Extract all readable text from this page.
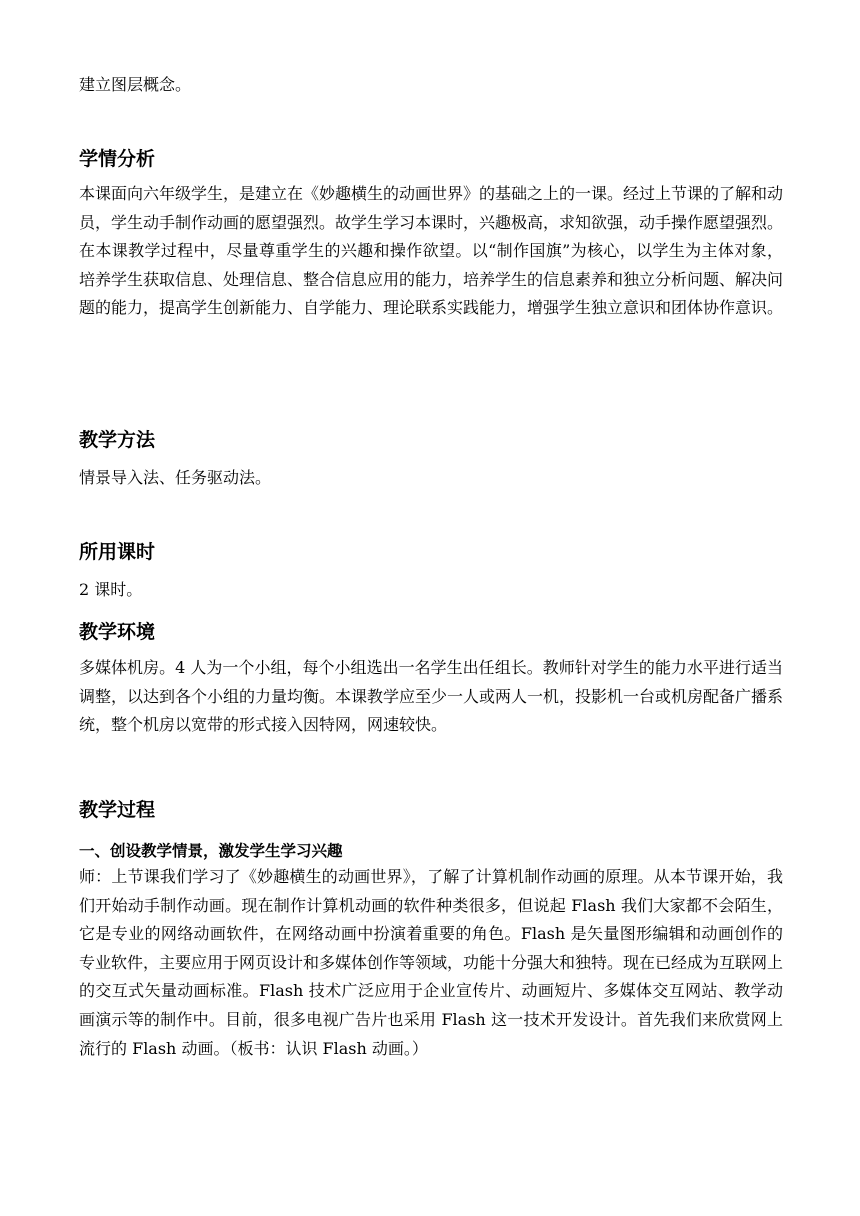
建立图层概念。

学情分析

本课面向六年级学生，是建立在《妙趣横生的动画世界》的基础之上的一课。经过上节课的了解和动员，学生动手制作动画的愿望强烈。故学生学习本课时，兴趣极高，求知欲强，动手操作愿望强烈。在本课教学过程中，尽量尊重学生的兴趣和操作欲望。以“制作国旗”为核心，以学生为主体对象，培养学生获取信息、处理信息、整合信息应用的能力，培养学生的信息素养和独立分析问题、解决问题的能力，提高学生创新能力、自学能力、理论联系实践能力，增强学生独立意识和团体协作意识。

教学方法

情景导入法、任务驱动法。

所用课时

2 课时。

教学环境

多媒体机房。4 人为一个小组，每个小组选出一名学生出任组长。教师针对学生的能力水平进行适当调整，以达到各个小组的力量均衡。本课教学应至少一人或两人一机，投影机一台或机房配备广播系统，整个机房以宽带的形式接入因特网，网速较快。

教学过程
一、创设教学情景，激发学生学习兴趣

师：上节课我们学习了《妙趣横生的动画世界》，了解了计算机制作动画的原理。从本节课开始，我们开始动手制作动画。现在制作计算机动画的软件种类很多，但说起 Flash 我们大家都不会陌生，它是专业的网络动画软件，在网络动画中扮演着重要的角色。Flash 是矢量图形编辑和动画创作的专业软件，主要应用于网页设计和多媒体创作等领域，功能十分强大和独特。现在已经成为互联网上的交互式矢量动画标准。Flash 技术广泛应用于企业宣传片、动画短片、多媒体交互网站、教学动画演示等的制作中。目前，很多电视广告片也采用 Flash 这一技术开发设计。首先我们来欣赏网上流行的 Flash 动画。（板书：认识 Flash 动画。）
